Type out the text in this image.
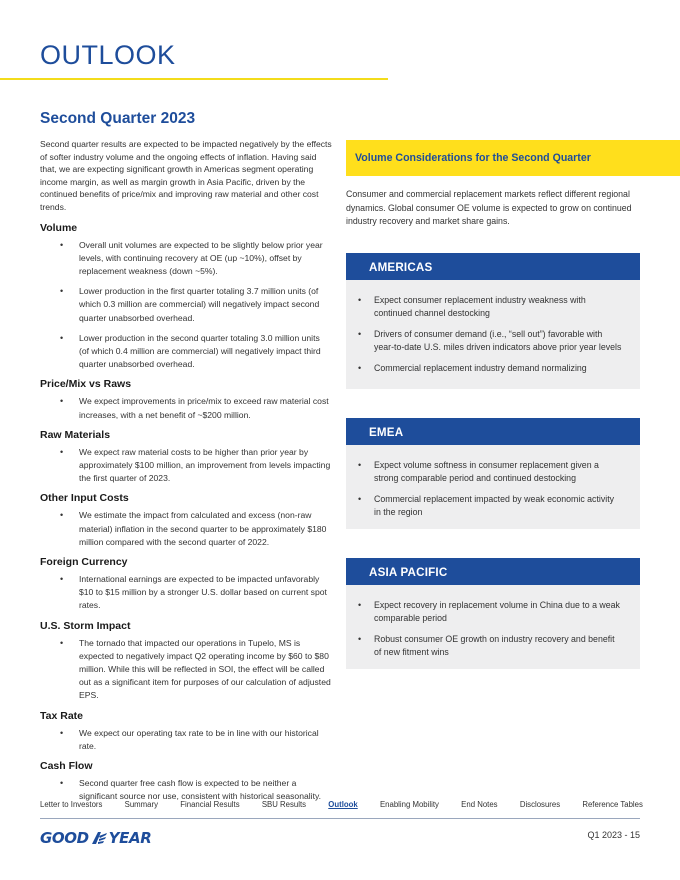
OUTLOOK
Second Quarter 2023

Second quarter results are expected to be impacted negatively by the effects of softer industry volume and the ongoing effects of inflation. Having said that, we are expecting significant growth in Americas segment operating income margin, as well as margin growth in Asia Pacific, driven by the continued benefits of price/mix and improving raw material and other cost trends.

Volume
• Overall unit volumes are expected to be slightly below prior year levels, with continuing recovery at OE (up ~10%), offset by replacement weakness (down ~5%).
• Lower production in the first quarter totaling 3.7 million units (of which 0.3 million are commercial) will negatively impact second quarter unabsorbed overhead.
• Lower production in the second quarter totaling 3.0 million units (of which 0.4 million are commercial) will negatively impact third quarter unabsorbed overhead.
Price/Mix vs Raws
• We expect improvements in price/mix to exceed raw material cost increases, with a net benefit of ~$200 million.
Raw Materials
• We expect raw material costs to be higher than prior year by approximately $100 million, an improvement from levels impacting the first quarter of 2023.
Other Input Costs
• We estimate the impact from calculated and excess (non-raw material) inflation in the second quarter to be approximately $180 million compared with the second quarter of 2022.
Foreign Currency
• International earnings are expected to be impacted unfavorably $10 to $15 million by a stronger U.S. dollar based on current spot rates.
U.S. Storm Impact
• The tornado that impacted our operations in Tupelo, MS is expected to negatively impact Q2 operating income by $60 to $80 million. While this will be reflected in SOI, the effect will be called out as a significant item for purposes of our calculation of adjusted EPS.
Tax Rate
• We expect our operating tax rate to be in line with our historical rate.
Cash Flow
• Second quarter free cash flow is expected to be neither a significant source nor use, consistent with historical seasonality.
Volume Considerations for the Second Quarter

Consumer and commercial replacement markets reflect different regional dynamics. Global consumer OE volume is expected to grow on continued industry recovery and market share gains.

AMERICAS
• Expect consumer replacement industry weakness with continued channel destocking
• Drivers of consumer demand (i.e., “sell out”) favorable with year-to-date U.S. miles driven indicators above prior year levels
• Commercial replacement industry demand normalizing
EMEA
• Expect volume softness in consumer replacement given a strong comparable period and continued destocking
• Commercial replacement impacted by weak economic activity in the region
ASIA PACIFIC
• Expect recovery in replacement volume in China due to a weak comparable period
• Robust consumer OE growth on industry recovery and benefit of new fitment wins
Letter to Investors	Summary	Financial Results	SBU Results	Outlook	Enabling Mobility	End Notes	Disclosures	Reference Tables
GOOD YEAR	Q1 2023 - 15
